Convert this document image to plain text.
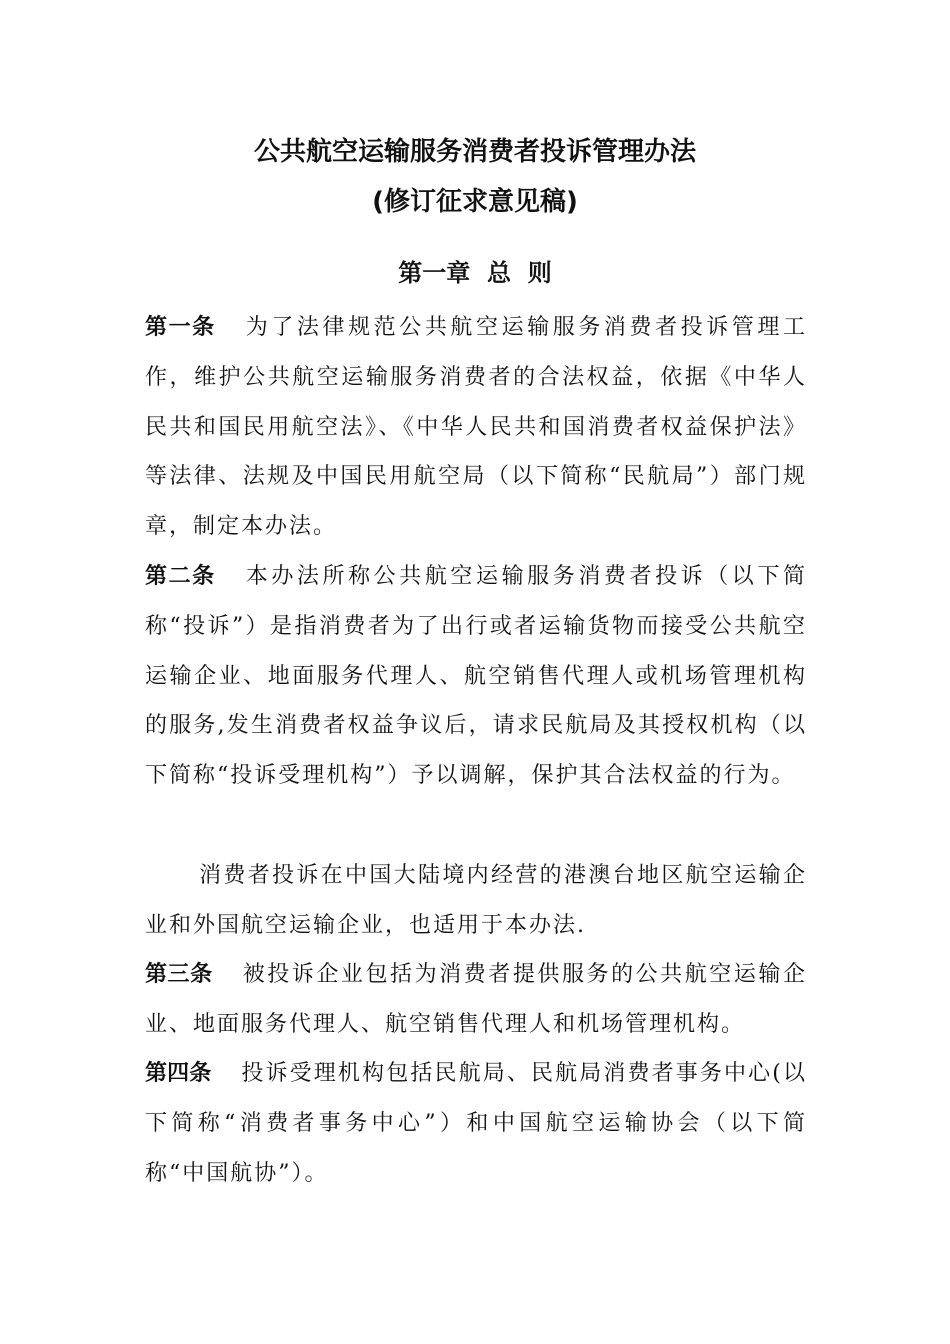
公共航空运输服务消费者投诉管理办法
(修订征求意见稿)
第一章  总  则

第一条 为了法律规范公共航空运输服务消费者投诉管理工作，维护公共航空运输服务消费者的合法权益，依据《中华人民共和国民用航空法》、《中华人民共和国消费者权益保护法》等法律、法规及中国民用航空局（以下简称“民航局”）部门规章，制定本办法。

第二条 本办法所称公共航空运输服务消费者投诉（以下简称“投诉”）是指消费者为了出行或者运输货物而接受公共航空运输企业、地面服务代理人、航空销售代理人或机场管理机构的服务,发生消费者权益争议后，请求民航局及其授权机构（以下简称“投诉受理机构”）予以调解，保护其合法权益的行为。

消费者投诉在中国大陆境内经营的港澳台地区航空运输企业和外国航空运输企业，也适用于本办法.

第三条 被投诉企业包括为消费者提供服务的公共航空运输企业、地面服务代理人、航空销售代理人和机场管理机构。

第四条 投诉受理机构包括民航局、民航局消费者事务中心(以下简称“消费者事务中心”）和中国航空运输协会（以下简称“中国航协”）。
